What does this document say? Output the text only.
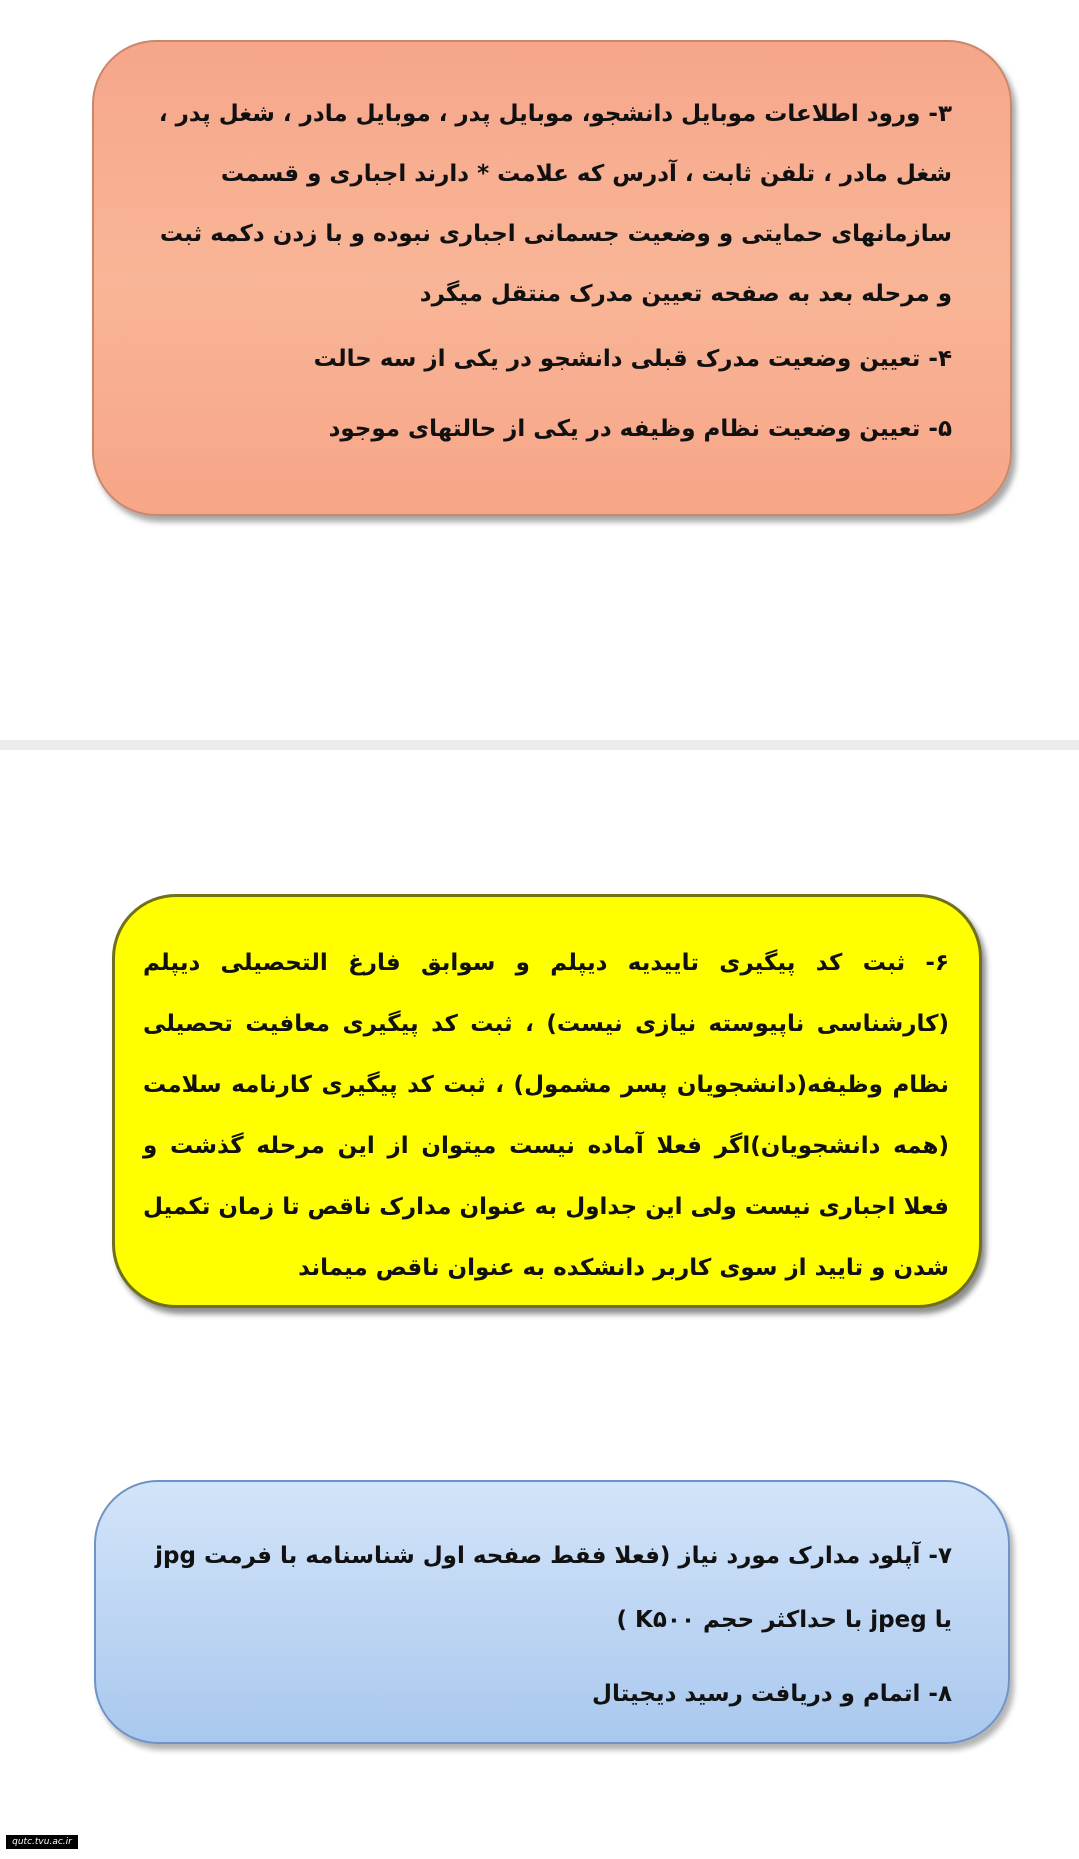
٣- ورود اطلاعات موبایل دانشجو، موبایل پدر ، موبایل مادر ، شغل پدر ، شغل مادر ، تلفن ثابت ، آدرس که علامت * دارند اجباری و قسمت سازمانهای حمایتی و وضعیت جسمانی اجباری نبوده و با زدن دکمه ثبت و مرحله بعد به صفحه تعیین مدرک منتقل میگرد

۴- تعیین وضعیت مدرک قبلی دانشجو در یکی از سه حالت

۵- تعیین وضعیت نظام وظیفه در یکی از حالتهای موجود

۶- ثبت کد پیگیری تاییدیه دیپلم و سوابق فارغ التحصیلی دیپلم (کارشناسی ناپیوسته نیازی نیست) ، ثبت کد پیگیری معافیت تحصیلی نظام وظیفه(دانشجویان پسر مشمول) ، ثبت کد پیگیری کارنامه سلامت (همه دانشجویان)اگر فعلا آماده نیست میتوان از این مرحله گذشت و فعلا اجباری نیست ولی این جداول به عنوان مدارک ناقص تا زمان تکمیل شدن و تایید از سوی کاربر دانشکده به عنوان ناقص میماند

٧- آپلود مدارک مورد نیاز (فعلا فقط صفحه اول شناسنامه با فرمت jpg یا jpeg با حداکثر حجم K۵۰۰ )

٨- اتمام و دریافت رسید دیجیتال

qutc.tvu.ac.ir
